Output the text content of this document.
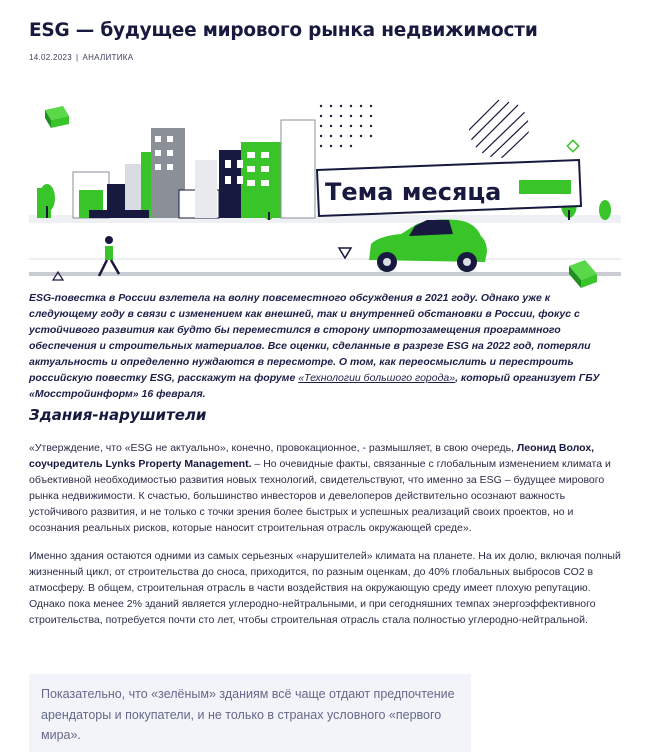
ESG — будущее мирового рынка недвижимости
14.02.2023 | АНАЛИТИКА
Тема месяца

ESG-повестка в России взлетела на волну повсеместного обсуждения в 2021 году. Однако уже к следующему году в связи с изменением как внешней, так и внутренней обстановки в России, фокус с устойчивого развития как будто бы переместился в сторону импортозамещения программного обеспечения и строительных материалов. Все оценки, сделанные в разрезе ESG на 2022 год, потеряли актуальность и определенно нуждаются в пересмотре. О том, как переосмыслить и перестроить российскую повестку ESG, расскажут на форуме «Технологии большого города», который организует ГБУ «Мосстройинформ» 16 февраля.

Здания-нарушители

«Утверждение, что «ESG не актуально», конечно, провокационное, - размышляет, в свою очередь, Леонид Волох, соучредитель Lynks Property Management. – Но очевидные факты, связанные с глобальным изменением климата и объективной необходимостью развития новых технологий, свидетельствуют, что именно за ESG – будущее мирового рынка недвижимости. К счастью, большинство инвесторов и девелоперов действительно осознают важность устойчивого развития, и не только с точки зрения более быстрых и успешных реализаций своих проектов, но и осознания реальных рисков, которые наносит строительная отрасль окружающей среде».

Именно здания остаются одними из самых серьезных «нарушителей» климата на планете. На их долю, включая полный жизненный цикл, от строительства до сноса, приходится, по разным оценкам, до 40% глобальных выбросов СО2 в атмосферу. В общем, строительная отрасль в части воздействия на окружающую среду имеет плохую репутацию. Однако пока менее 2% зданий является углеродно-нейтральными, и при сегодняшних темпах энергоэффективного строительства, потребуется почти сто лет, чтобы строительная отрасль стала полностью углеродно-нейтральной.

Показательно, что «зелёным» зданиям всё чаще отдают предпочтение арендаторы и покупатели, и не только в странах условного «первого мира».
